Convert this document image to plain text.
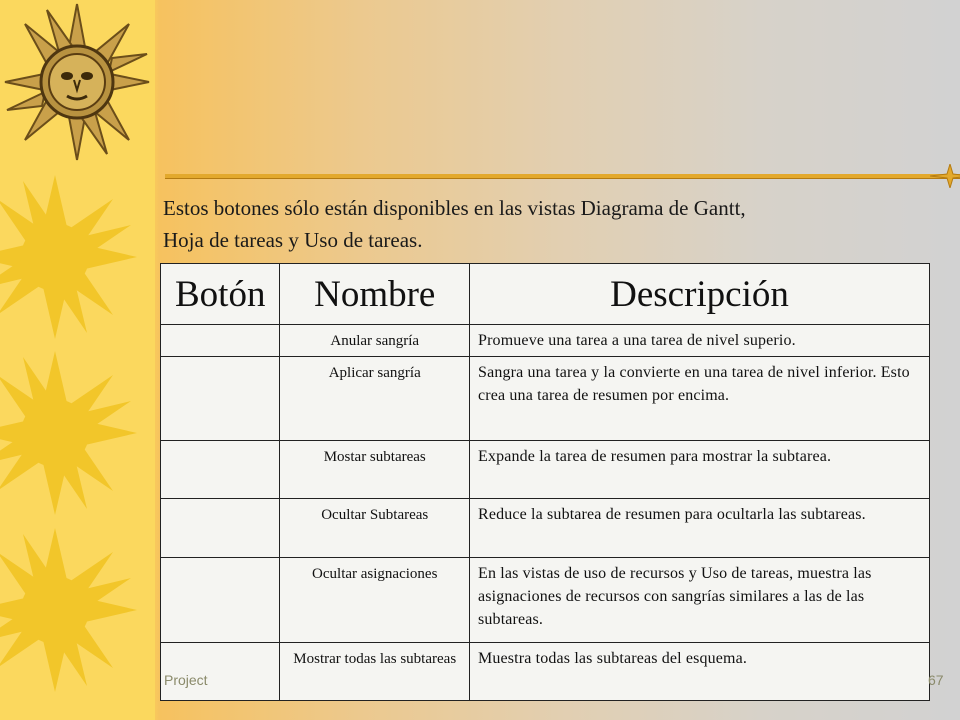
Estos botones sólo están disponibles en las vistas Diagrama de Gantt,
Hoja de tareas y Uso de tareas.
Botón	Nombre	Descripción
	Anular sangría	Promueve una tarea a una tarea de nivel superio.
	Aplicar sangría	Sangra una tarea y la convierte en una tarea de nivel inferior. Esto crea una tarea de resumen por encima.
	Mostar subtareas	Expande la tarea de resumen para mostrar la subtarea.
	Ocultar Subtareas	Reduce la subtarea de resumen para ocultarla las subtareas.
	Ocultar asignaciones	En las vistas de uso de recursos y Uso de tareas, muestra las asignaciones de recursos con sangrías similares a las de las subtareas.
	Mostrar todas las subtareas	Muestra todas las subtareas del esquema.
Project	67
